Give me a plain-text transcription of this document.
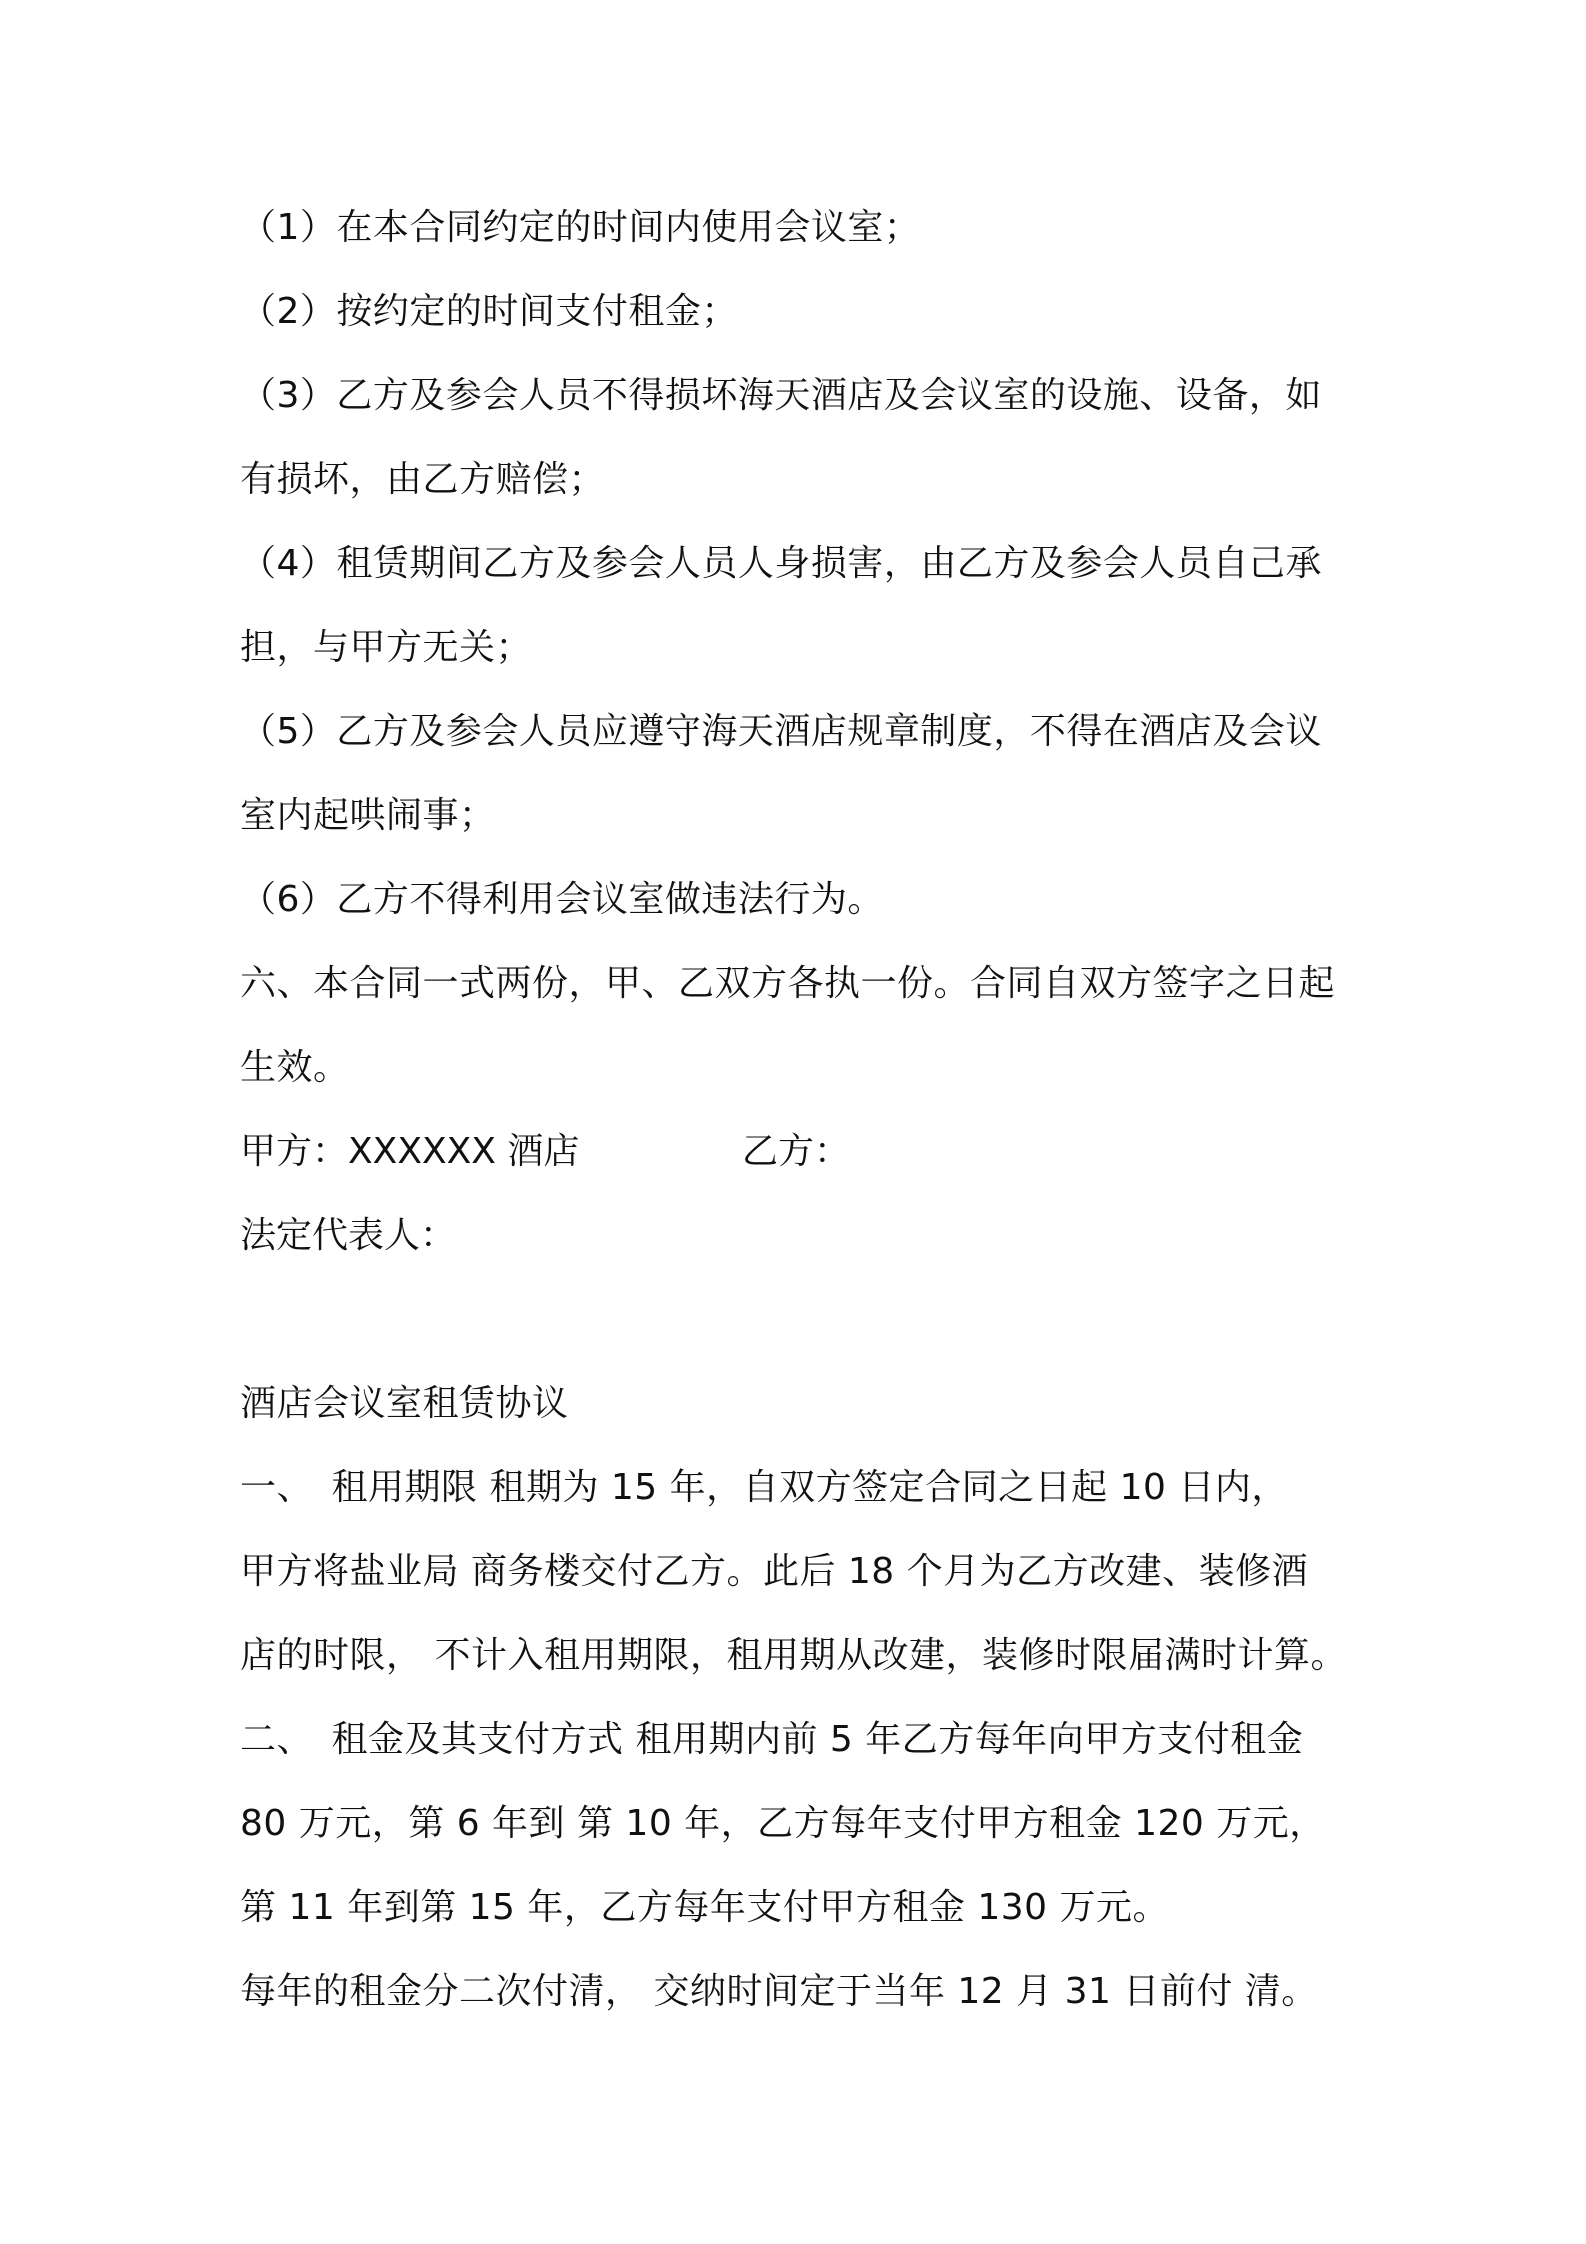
（1）在本合同约定的时间内使用会议室；
（2）按约定的时间支付租金；
（3）乙方及参会人员不得损坏海天酒店及会议室的设施、设备，如
有损坏，由乙方赔偿；
（4）租赁期间乙方及参会人员人身损害，由乙方及参会人员自己承
担，与甲方无关；
（5）乙方及参会人员应遵守海天酒店规章制度，不得在酒店及会议
室内起哄闹事；
（6）乙方不得利用会议室做违法行为。
六、本合同一式两份，甲、乙双方各执一份。合同自双方签字之日起
生效。
甲方：XXXXXX 酒店	乙方：
法定代表人：
酒店会议室租赁协议
一、　租用期限 租期为 15 年，自双方签定合同之日起 10 日内，
甲方将盐业局 商务楼交付乙方。此后 18 个月为乙方改建、装修酒
店的时限， 不计入租用期限，租用期从改建，装修时限届满时计算。
二、　租金及其支付方式 租用期内前 5 年乙方每年向甲方支付租金
80 万元，第 6 年到 第 10 年，乙方每年支付甲方租金 120 万元，
第 11 年到第 15 年，乙方每年支付甲方租金 130 万元。
每年的租金分二次付清， 交纳时间定于当年 12 月 31 日前付 清。
